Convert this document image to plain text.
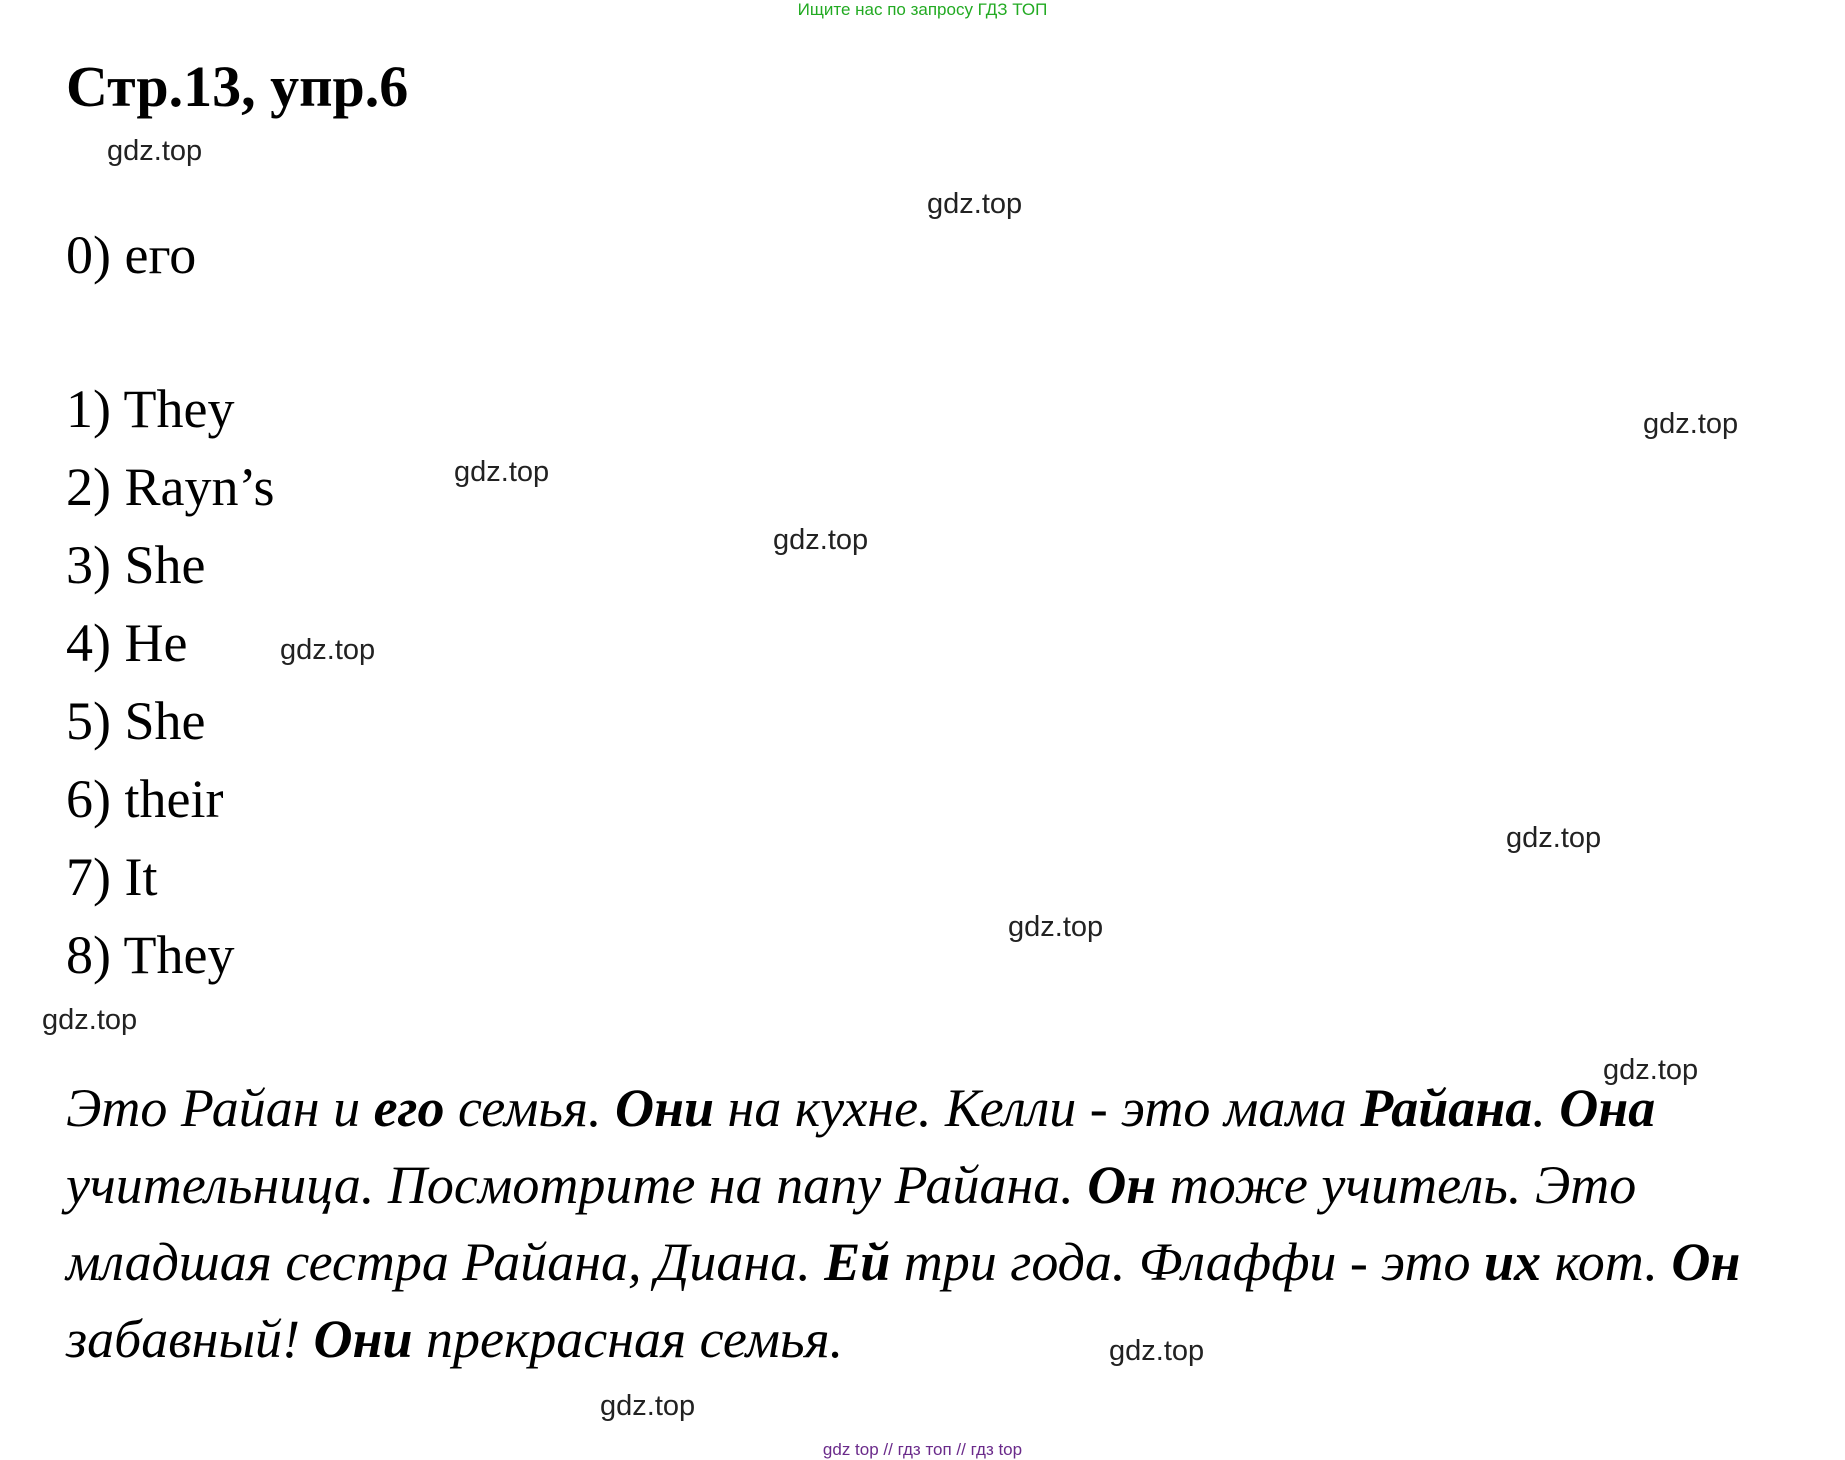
Ищите нас по запросу ГДЗ ТОП
Стр.13, упр.6
0) его
1) They
2) Rayn’s
3) She
4) He
5) She
6) their
7) It
8) They
Это Райан и его семья. Они на кухне. Келли - это мама Райана. Она учительница. Посмотрите на папу Райана. Он тоже учитель. Это младшая сестра Райана, Диана. Ей три года. Флаффи - это их кот. Он забавный! Они прекрасная семья.
gdz.top
gdz.top
gdz.top
gdz.top
gdz.top
gdz.top
gdz.top
gdz.top
gdz.top
gdz.top
gdz.top
gdz.top
gdz top // гдз топ // гдз top
